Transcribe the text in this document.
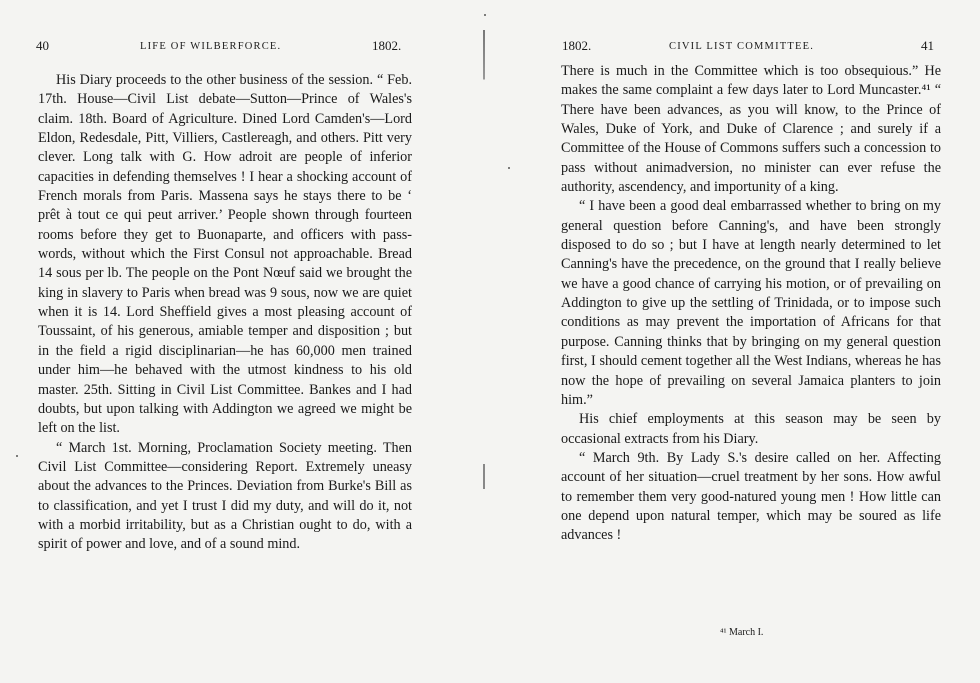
40	LIFE OF WILBERFORCE.	1802.

His Diary proceeds to the other business of the session. “ Feb. 17th. House—Civil List debate—Sutton—Prince of Wales's claim. 18th. Board of Agriculture. Dined Lord Camden's—Lord Eldon, Redesdale, Pitt, Villiers, Castlereagh, and others. Pitt very clever. Long talk with G. How adroit are people of inferior capacities in defending themselves ! I hear a shocking account of French morals from Paris. Massena says he stays there to be ‘ prêt à tout ce qui peut arriver.’ People shown through fourteen rooms before they get to Buonaparte, and officers with pass-words, without which the First Consul not approachable. Bread 14 sous per lb. The people on the Pont Nœuf said we brought the king in slavery to Paris when bread was 9 sous, now we are quiet when it is 14. Lord Sheffield gives a most pleasing account of Toussaint, of his generous, amiable temper and disposition ; but in the field a rigid disciplinarian—he has 60,000 men trained under him—he behaved with the utmost kindness to his old master. 25th. Sitting in Civil List Committee. Bankes and I had doubts, but upon talking with Addington we agreed we might be left on the list.

“ March 1st. Morning, Proclamation Society meeting. Then Civil List Committee—considering Report. Extremely uneasy about the advances to the Princes. Deviation from Burke's Bill as to classification, and yet I trust I did my duty, and will do it, not with a morbid irritability, but as a Christian ought to do, with a spirit of power and love, and of a sound mind.

1802.	CIVIL LIST COMMITTEE.	41

There is much in the Committee which is too obsequious.” He makes the same complaint a few days later to Lord Muncaster.⁴¹ “ There have been advances, as you will know, to the Prince of Wales, Duke of York, and Duke of Clarence ; and surely if a Committee of the House of Commons suffers such a concession to pass without animadversion, no minister can ever refuse the authority, ascendency, and importunity of a king.

“ I have been a good deal embarrassed whether to bring on my general question before Canning's, and have been strongly disposed to do so ; but I have at length nearly determined to let Canning's have the precedence, on the ground that I really believe we have a good chance of carrying his motion, or of prevailing on Addington to give up the settling of Trinidada, or to impose such conditions as may prevent the importation of Africans for that purpose. Canning thinks that by bringing on my general question first, I should cement together all the West Indians, whereas he has now the hope of prevailing on several Jamaica planters to join him.”

His chief employments at this season may be seen by occasional extracts from his Diary.

“ March 9th. By Lady S.'s desire called on her. Affecting account of her situation—cruel treatment by her sons. How awful to remember them very good-natured young men ! How little can one depend upon natural temper, which may be soured as life advances !

⁴¹ March I.
